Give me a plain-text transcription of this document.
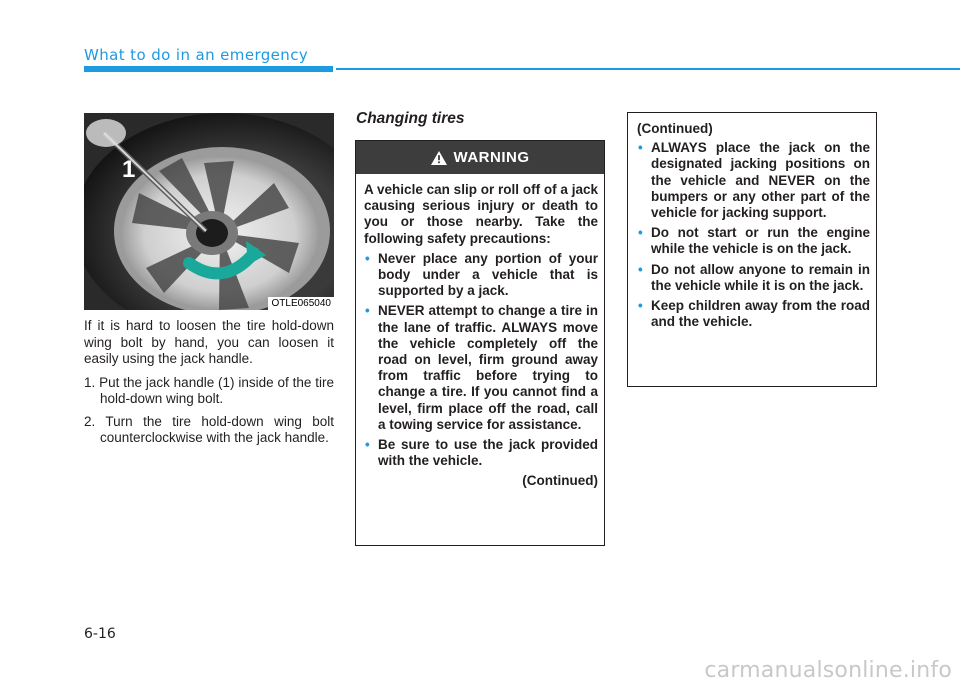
What to do in an emergency
1
OTLE065040

If it is hard to loosen the tire hold-down wing bolt by hand, you can loosen it easily using the jack handle.

1. Put the jack handle (1) inside of the tire hold-down wing bolt.
2. Turn the tire hold-down wing bolt counterclockwise with the jack handle.
Changing tires
WARNING

A vehicle can slip or roll off of a jack causing serious injury or death to you or those nearby. Take the following safety precautions:

• Never place any portion of your body under a vehicle that is supported by a jack.
• NEVER attempt to change a tire in the lane of traffic. ALWAYS move the vehicle completely off the road on level, firm ground away from traffic before trying to change a tire. If you cannot find a level, firm place off the road, call a towing service for assistance.
• Be sure to use the jack provided with the vehicle.
(Continued)

(Continued)

• ALWAYS place the jack on the designated jacking positions on the vehicle and NEVER on the bumpers or any other part of the vehicle for jacking support.
• Do not start or run the engine while the vehicle is on the jack.
• Do not allow anyone to remain in the vehicle while it is on the jack.
• Keep children away from the road and the vehicle.
6-16
carmanualsonline.info
